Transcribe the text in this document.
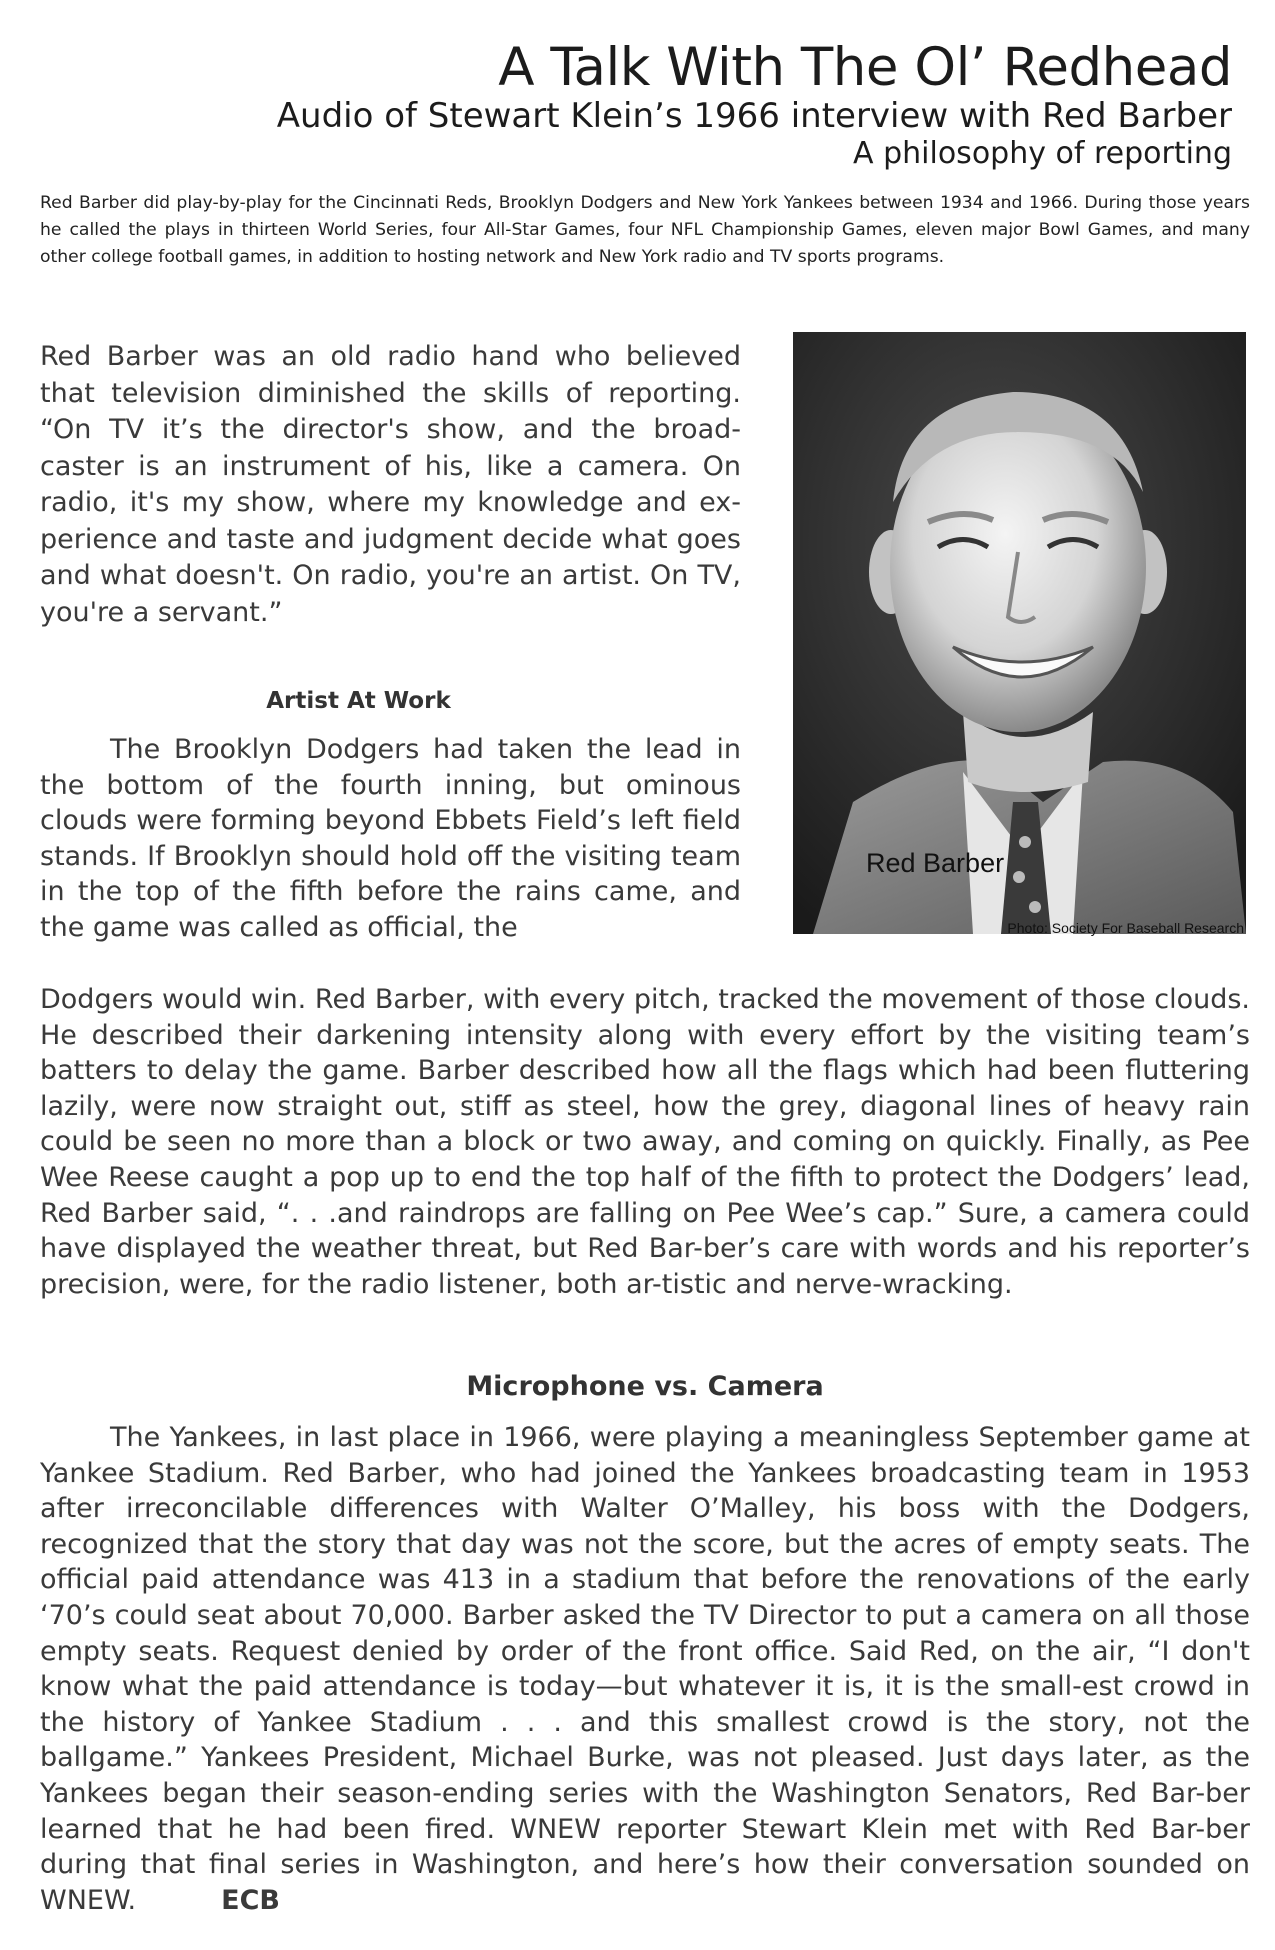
A Talk With The Ol’ Redhead
Audio of Stewart Klein’s 1966 interview with Red Barber
A philosophy of reporting

Red Barber did play-by-play for the Cincinnati Reds, Brooklyn Dodgers and New York Yankees between 1934 and 1966. During those years he called the plays in thirteen World Series, four All-Star Games, four NFL Championship Games, eleven major Bowl Games, and many other college football games, in addition to hosting network and New York radio and TV sports programs.

Red Barber was an old radio hand who believed that television diminished the skills of reporting. “On TV it’s the director's show, and the broad-caster is an instrument of his, like a camera. On radio, it's my show, where my knowledge and ex-perience and taste and judgment decide what goes and what doesn't. On radio, you're an artist. On TV, you're a servant.”

Red Barber
Photo: Society For Baseball Research
Artist At Work

The Brooklyn Dodgers had taken the lead in the bottom of the fourth inning, but ominous clouds were forming beyond Ebbets Field’s left field stands. If Brooklyn should hold off the visiting team in the top of the fifth before the rains came, and the game was called as official, the

Dodgers would win. Red Barber, with every pitch, tracked the movement of those clouds. He described their darkening intensity along with every effort by the visiting team’s batters to delay the game. Barber described how all the flags which had been fluttering lazily, were now straight out, stiff as steel, how the grey, diagonal lines of heavy rain could be seen no more than a block or two away, and coming on quickly. Finally, as Pee Wee Reese caught a pop up to end the top half of the fifth to protect the Dodgers’ lead, Red Barber said, “. . .and raindrops are falling on Pee Wee’s cap.” Sure, a camera could have displayed the weather threat, but Red Bar-ber’s care with words and his reporter’s precision, were, for the radio listener, both ar-tistic and nerve-wracking.

Microphone vs. Camera

The Yankees, in last place in 1966, were playing a meaningless September game at Yankee Stadium. Red Barber, who had joined the Yankees broadcasting team in 1953 after irreconcilable differences with Walter O’Malley, his boss with the Dodgers, recognized that the story that day was not the score, but the acres of empty seats. The official paid attendance was 413 in a stadium that before the renovations of the early ‘70’s could seat about 70,000. Barber asked the TV Director to put a camera on all those empty seats. Request denied by order of the front office. Said Red, on the air, “I don't know what the paid attendance is today—but whatever it is, it is the small-est crowd in the history of Yankee Stadium . . . and this smallest crowd is the story, not the ballgame.” Yankees President, Michael Burke, was not pleased. Just days later, as the Yankees began their season-ending series with the Washington Senators, Red Bar-ber learned that he had been fired. WNEW reporter Stewart Klein met with Red Bar-ber during that final series in Washington, and here’s how their conversation sounded on WNEW.	ECB
